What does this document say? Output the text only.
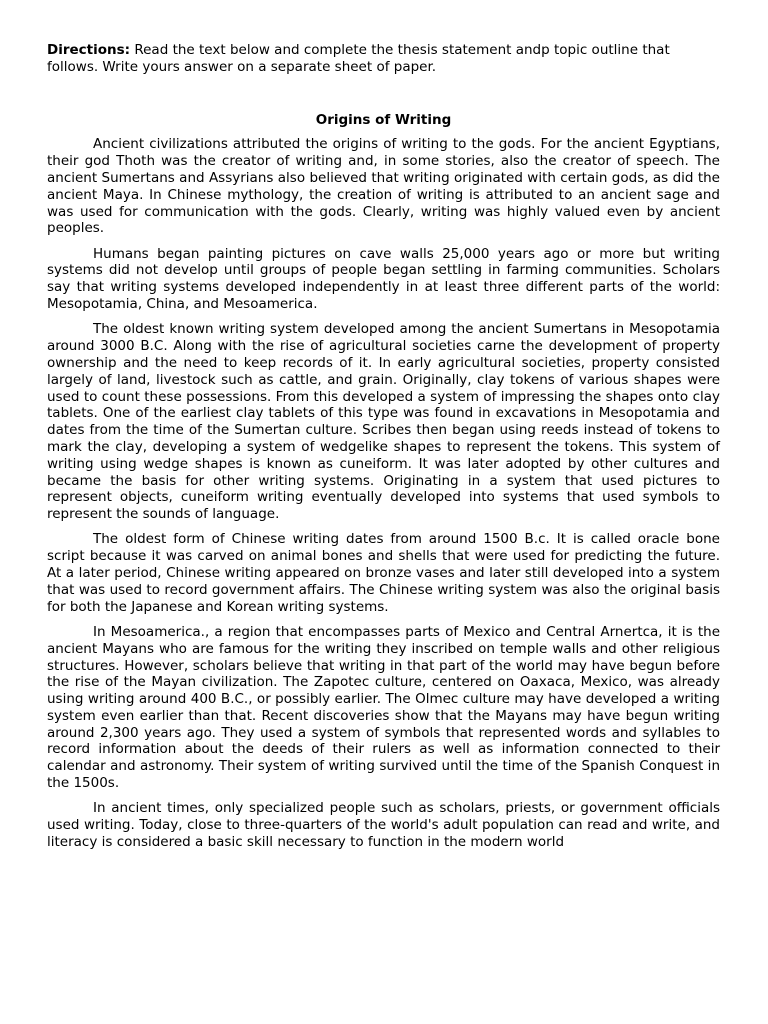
Directions: Read the text below and complete the thesis statement andp topic outline that follows. Write yours answer on a separate sheet of paper.

Origins of Writing

Ancient civilizations attributed the origins of writing to the gods. For the ancient Egyptians, their god Thoth was the creator of writing and, in some stories, also the creator of speech. The ancient Sumertans and Assyrians also believed that writing originated with certain gods, as did the ancient Maya. In Chinese mythology, the creation of writing is attributed to an ancient sage and was used for communication with the gods. Clearly, writing was highly valued even by ancient peoples.

Humans began painting pictures on cave walls 25,000 years ago or more but writing systems did not develop until groups of people began settling in farming communities. Scholars say that writing systems developed independently in at least three different parts of the world: Mesopotamia, China, and Mesoamerica.

The oldest known writing system developed among the ancient Sumertans in Mesopotamia around 3000 B.C. Along with the rise of agricultural societies carne the development of property ownership and the need to keep records of it. In early agricultural societies, property consisted largely of land, livestock such as cattle, and grain. Originally, clay tokens of various shapes were used to count these possessions. From this developed a system of impressing the shapes onto clay tablets. One of the earliest clay tablets of this type was found in excavations in Mesopotamia and dates from the time of the Sumertan culture. Scribes then began using reeds instead of tokens to mark the clay, developing a system of wedgelike shapes to represent the tokens. This system of writing using wedge shapes is known as cuneiform. It was later adopted by other cultures and became the basis for other writing systems. Originating in a system that used pictures to represent objects, cuneiform writing eventually developed into systems that used symbols to represent the sounds of language.

The oldest form of Chinese writing dates from around 1500 B.c. It is called oracle bone script because it was carved on animal bones and shells that were used for predicting the future. At a later period, Chinese writing appeared on bronze vases and later still developed into a system that was used to record government affairs. The Chinese writing system was also the original basis for both the Japanese and Korean writing systems.

In Mesoamerica., a region that encompasses parts of Mexico and Central Arnertca, it is the ancient Mayans who are famous for the writing they inscribed on temple walls and other religious structures. However, scholars believe that writing in that part of the world may have begun before the rise of the Mayan civilization. The Zapotec culture, centered on Oaxaca, Mexico, was already using writing around 400 B.C., or possibly earlier. The Olmec culture may have developed a writing system even earlier than that. Recent discoveries show that the Mayans may have begun writing around 2,300 years ago. They used a system of symbols that represented words and syllables to record information about the deeds of their rulers as well as information connected to their calendar and astronomy. Their system of writing survived until the time of the Spanish Conquest in the 1500s.

In ancient times, only specialized people such as scholars, priests, or government officials used writing. Today, close to three-quarters of the world's adult population can read and write, and literacy is considered a basic skill necessary to function in the modern world
